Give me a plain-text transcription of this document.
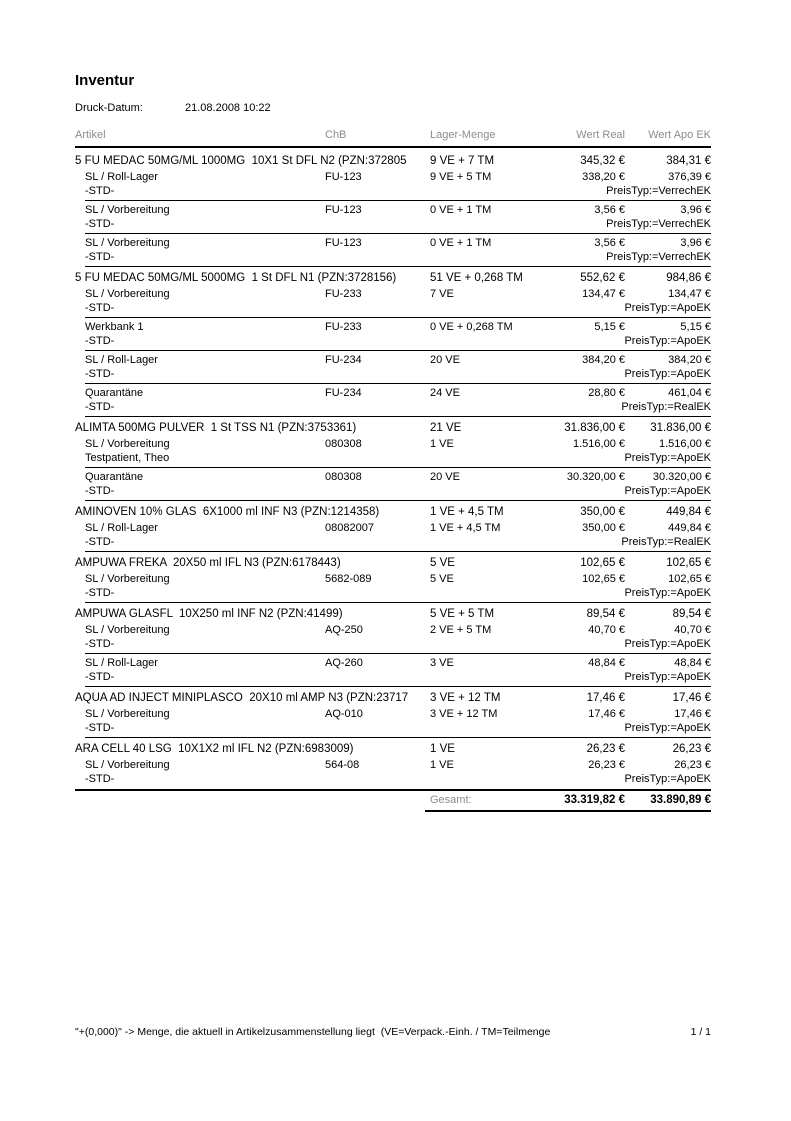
Inventur
Druck-Datum:	21.08.2008 10:22
Artikel	ChB	Lager-Menge	Wert Real	Wert Apo EK
5 FU MEDAC 50MG/ML 1000MG  10X1 St DFL N2 (PZN:372805	9 VE + 7 TM	345,32 €	384,31 €
SL / Roll-Lager	FU-123	9 VE + 5 TM	338,20 €	376,39 €
-STD-	PreisTyp:=VerrechEK
SL / Vorbereitung	FU-123	0 VE + 1 TM	3,56 €	3,96 €
-STD-	PreisTyp:=VerrechEK
SL / Vorbereitung	FU-123	0 VE + 1 TM	3,56 €	3,96 €
-STD-	PreisTyp:=VerrechEK
5 FU MEDAC 50MG/ML 5000MG  1 St DFL N1 (PZN:3728156)	51 VE + 0,268 TM	552,62 €	984,86 €
SL / Vorbereitung	FU-233	7 VE	134,47 €	134,47 €
-STD-	PreisTyp:=ApoEK
Werkbank 1	FU-233	0 VE + 0,268 TM	5,15 €	5,15 €
-STD-	PreisTyp:=ApoEK
SL / Roll-Lager	FU-234	20 VE	384,20 €	384,20 €
-STD-	PreisTyp:=ApoEK
Quarantäne	FU-234	24 VE	28,80 €	461,04 €
-STD-	PreisTyp:=RealEK
ALIMTA 500MG PULVER  1 St TSS N1 (PZN:3753361)	21 VE	31.836,00 €	31.836,00 €
SL / Vorbereitung	080308	1 VE	1.516,00 €	1.516,00 €
Testpatient, Theo	PreisTyp:=ApoEK
Quarantäne	080308	20 VE	30.320,00 €	30.320,00 €
-STD-	PreisTyp:=ApoEK
AMINOVEN 10% GLAS  6X1000 ml INF N3 (PZN:1214358)	1 VE + 4,5 TM	350,00 €	449,84 €
SL / Roll-Lager	08082007	1 VE + 4,5 TM	350,00 €	449,84 €
-STD-	PreisTyp:=RealEK
AMPUWA FREKA  20X50 ml IFL N3 (PZN:6178443)	5 VE	102,65 €	102,65 €
SL / Vorbereitung	5682-089	5 VE	102,65 €	102,65 €
-STD-	PreisTyp:=ApoEK
AMPUWA GLASFL  10X250 ml INF N2 (PZN:41499)	5 VE + 5 TM	89,54 €	89,54 €
SL / Vorbereitung	AQ-250	2 VE + 5 TM	40,70 €	40,70 €
-STD-	PreisTyp:=ApoEK
SL / Roll-Lager	AQ-260	3 VE	48,84 €	48,84 €
-STD-	PreisTyp:=ApoEK
AQUA AD INJECT MINIPLASCO  20X10 ml AMP N3 (PZN:23717	3 VE + 12 TM	17,46 €	17,46 €
SL / Vorbereitung	AQ-010	3 VE + 12 TM	17,46 €	17,46 €
-STD-	PreisTyp:=ApoEK
ARA CELL 40 LSG  10X1X2 ml IFL N2 (PZN:6983009)	1 VE	26,23 €	26,23 €
SL / Vorbereitung	564-08	1 VE	26,23 €	26,23 €
-STD-	PreisTyp:=ApoEK
Gesamt:	33.319,82 €	33.890,89 €
"+(0,000)" -> Menge, die aktuell in Artikelzusammenstellung liegt  (VE=Verpack.-Einh. / TM=Teilmenge	1 / 1
